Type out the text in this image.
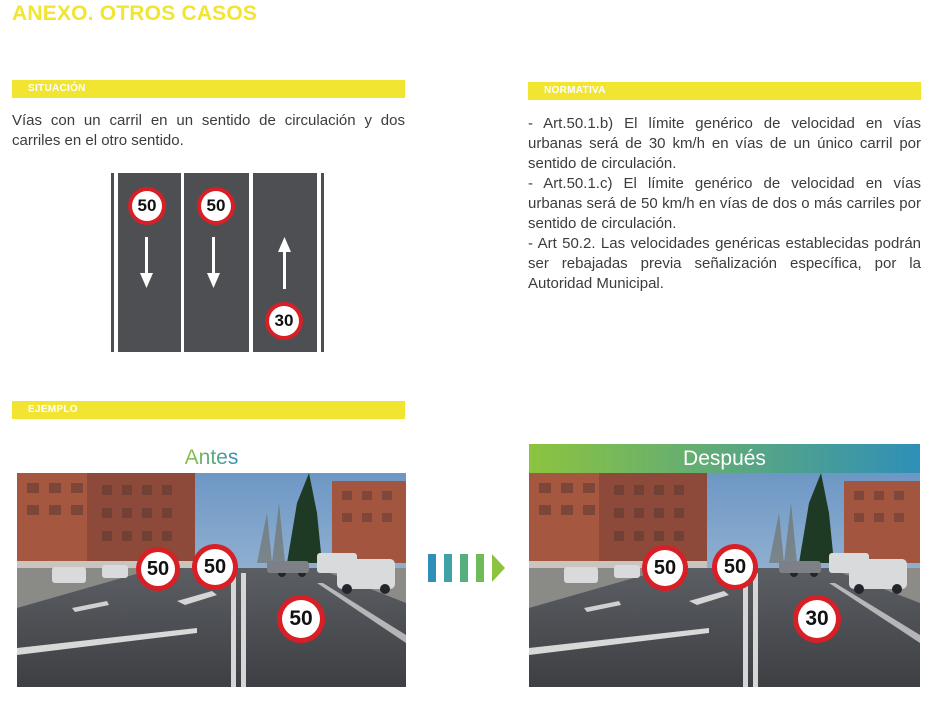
ANEXO. OTROS CASOS
SITUACIÓN

Vías con un carril en un sentido de circulación y dos carriles en el otro sentido.

50	50
30
NORMATIVA

- Art.50.1.b) El límite genérico de velocidad en vías urbanas será de 30 km/h en vías de un único carril por sentido de circulación.

- Art.50.1.c) El límite genérico de velocidad en vías urbanas será de 50 km/h en vías de dos o más carriles por sentido de circulación.

- Art 50.2. Las velocidades genéricas establecidas podrán ser rebajadas previa señalización específica, por la Autoridad Municipal.

EJEMPLO
Antes
50	50
50
Después
50	50
30
